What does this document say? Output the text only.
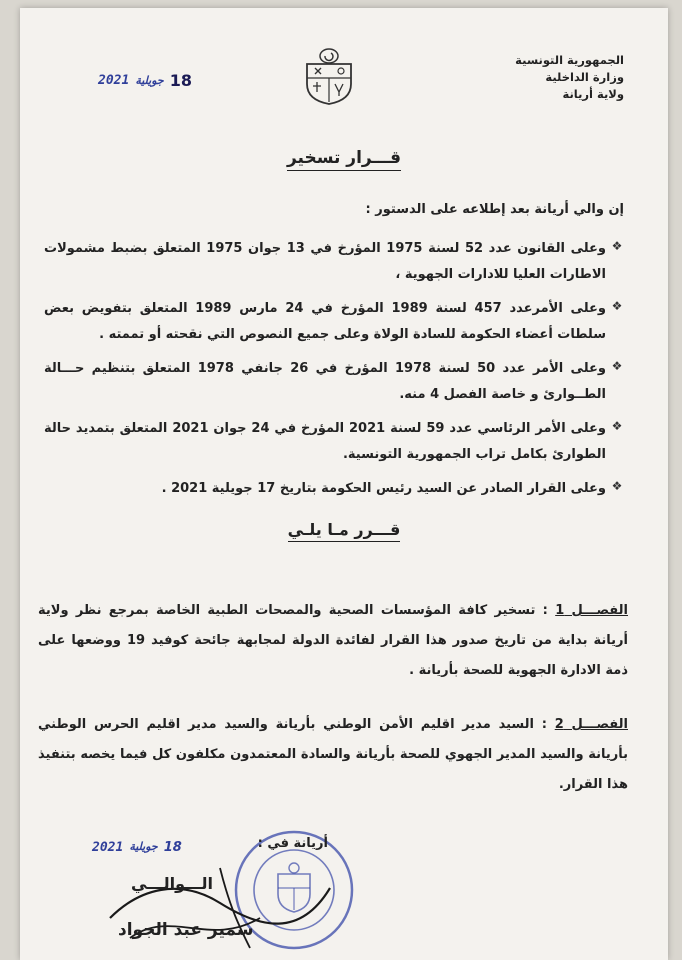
الجمهورية التونسية
وزارة الداخلية
ولاية أريانة
2021 جويلية 18
قـــرار تسخير
إن والي أريانة بعد إطلاعه على الدستور :
❖
وعلى القانون عدد 52 لسنة 1975 المؤرخ في 13 جوان 1975 المتعلق بضبط مشمولات الاطارات العليا للادارات الجهوية ،
❖
وعلى الأمرعدد 457 لسنة 1989 المؤرخ في 24 مارس 1989 المتعلق بتفويض بعض سلطات أعضاء الحكومة للسادة الولاة وعلى جميع النصوص التي نقحته أو تممته .
❖
وعلى الأمر عدد 50 لسنة 1978 المؤرخ في 26 جانفي 1978 المتعلق بتنظيم حـــالة الطــوارئ و خاصة الفصل 4 منه.
❖
وعلى الأمر الرئاسي عدد 59 لسنة 2021 المؤرخ في 24 جوان 2021 المتعلق بتمديد حالة الطوارئ بكامل تراب الجمهورية التونسية.
❖
وعلى القرار الصادر عن السيد رئيس الحكومة بتاريخ 17 جويلية 2021 .
قـــرر مـا يلـي
الفصـــل 1 : تسخير كافة المؤسسات الصحية والمصحات الطبية الخاصة بمرجع نظر ولاية أريانة بداية من تاريخ صدور هذا القرار لفائدة الدولة لمجابهة جائحة كوفيد 19 ووضعها على ذمة الادارة الجهوية للصحة بأريانة .
الفصـــل 2 : السيد مدير اقليم الأمن الوطني بأريانة والسيد مدير اقليم الحرس الوطني بأريانة والسيد المدير الجهوي للصحة بأريانة والسادة المعتمدون مكلفون كل فيما يخصه بتنفيذ هذا القرار.
أريانة في :
2021 جويلية 18
الـــوالـــي
سمير عبد الجواد
